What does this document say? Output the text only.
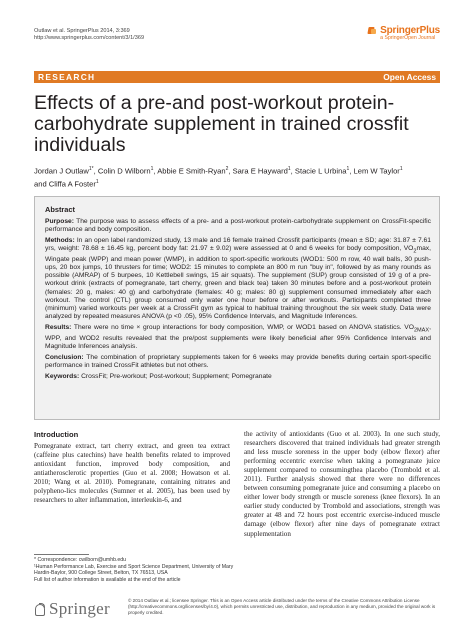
Outlaw et al. SpringerPlus 2014, 3:369
http://www.springerplus.com/content/3/1/369
SpringerPlus
a SpringerOpen Journal
RESEARCH	Open Access
Effects of a pre-and post-workout protein-carbohydrate supplement in trained crossfit individuals
Jordan J Outlaw$^{1*}$, Colin D Wilborn$^1$, Abbie E Smith-Ryan$^2$, Sara E Hayward$^1$, Stacie L Urbina$^1$, Lem W Taylor$^1$
and Cliffa A Foster$^1$
Abstract

Purpose: The purpose was to assess effects of a pre- and a post-workout protein-carbohydrate supplement on CrossFit-specific performance and body composition.

Methods: In an open label randomized study, 13 male and 16 female trained Crossfit participants (mean ± SD; age: 31.87 ± 7.61 yrs, weight: 78.68 ± 16.45 kg, percent body fat: 21.97 ± 9.02) were assessed at 0 and 6 weeks for body composition, $VO_2\max$, Wingate peak (WPP) and mean power (WMP), in addition to sport-specific workouts (WOD1: 500 m row, 40 wall balls, 30 push-ups, 20 box jumps, 10 thrusters for time; WOD2: 15 minutes to complete an 800 m run "buy in", followed by as many rounds as possible (AMRAP) of 5 burpees, 10 Kettlebell swings, 15 air squats). The supplement (SUP) group consisted of 19 g of a pre-workout drink (extracts of pomegranate, tart cherry, green and black tea) taken 30 minutes before and a post-workout protein (females: 20 g, males: 40 g) and carbohydrate (females: 40 g; males: 80 g) supplement consumed immediately after each workout. The control (CTL) group consumed only water one hour before or after workouts. Participants completed three (minimum) varied workouts per week at a CrossFit gym as typical to habitual training throughout the six week study. Data were analyzed by repeated measures ANOVA (p <0 .05), 95% Confidence Intervals, and Magnitude Inferences.

Results: There were no time × group interactions for body composition, WMP, or WOD1 based on ANOVA statistics. $VO_{2MAX}$, WPP, and WOD2 results revealed that the pre/post supplements were likely beneficial after 95% Confidence Intervals and Magnitude Inferences analysis.

Conclusion: The combination of proprietary supplements taken for 6 weeks may provide benefits during certain sport-specific performance in trained CrossFit athletes but not others.

Keywords: CrossFit; Pre-workout; Post-workout; Supplement; Pomegranate

Introduction
Pomegranate extract, tart cherry extract, and green tea extract (caffeine plus catechins) have health benefits related to improved antioxidant function, improved body composition, and antiatherosclerotic properties (Guo et al. 2008; Howatson et al. 2010; Wang et al. 2010). Pomegranate, containing nitrates and polypheno-lics molecules (Sumner et al. 2005), has been used by researchers to alter inflammation, interleukin-6, and
the activity of antioxidants (Guo et al. 2003). In one such study, researchers discovered that trained individuals had greater strength and less muscle soreness in the upper body (elbow flexor) after performing eccentric exercise when taking a pomegranate juice supplement compared to consumingthea placebo (Trombold et al. 2011). Further analysis showed that there were no differences between consuming pomegranate juice and consuming a placebo on either lower body strength or muscle soreness (knee flexors). In an earlier study conducted by Trombold and associations, strength was greater at 48 and 72 hours post eccentric exercise-induced muscle damage (elbow flexor) after nine days of pomegranate extract supplementation
* Correspondence: cwilborn@umhb.edu
¹Human Performance Lab, Exercise and Sport Science Department, University of Mary Hardin-Baylor, 900 College Street, Belton, TX 76513, USA
Full list of author information is available at the end of the article
Springer	© 2014 Outlaw et al.; licensee Springer. This is an Open Access article distributed under the terms of the Creative Commons Attribution License (http://creativecommons.org/licenses/by/4.0), which permits unrestricted use, distribution, and reproduction in any medium, provided the original work is properly credited.
